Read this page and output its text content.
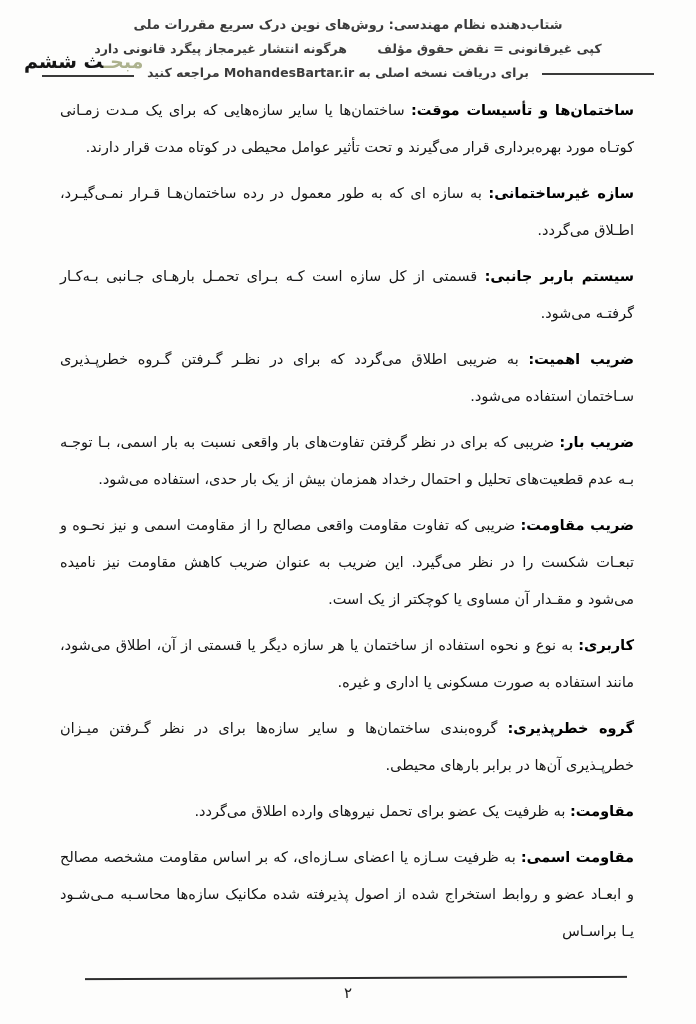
شتاب‌دهنده نظام مهندسی: روش‌های نوین درک سریع مقررات ملی
کپی غیرقانونی = نقض حقوق مؤلف هرگونه انتشار غیرمجاز پیگرد قانونی دارد
برای دریافت نسخه اصلی به MohandesBartar.ir مراجعه کنید
مبحـث ششم

ساختمان‌ها و تأسیسات موقت: ساختمان‌ها یا سایر سازه‌هایی که برای یک مـدت زمـانی کوتـاه مورد بهره‌برداری قرار می‌گیرند و تحت تأثیر عوامل محیطی در کوتاه مدت قرار دارند.

سازه غیرساختمانی: به سازه ای که به طور معمول در رده ساختمان‌هـا قـرار نمـی‌گیـرد، اطـلاق می‌گردد.

سیستم باربر جانبی: قسمتی از کل سازه است کـه بـرای تحمـل بارهـای جـانبی بـه‌کـار گرفتـه می‌شود.

ضریب اهمیت: به ضریبی اطلاق می‌گردد که برای در نظـر گـرفتن گـروه خطرپـذیری سـاختمان استفاده می‌شود.

ضریب بار: ضریبی که برای در نظر گرفتن تفاوت‌های بار واقعی نسبت به بار اسمی، بـا توجـه بـه عدم قطعیت‌های تحلیل و احتمال رخداد همزمان بیش از یک بار حدی، استفاده می‌شود.

ضریب مقاومت: ضریبی که تفاوت مقاومت واقعی مصالح را از مقاومت اسمی و نیز نحـوه و تبعـات شکست را در نظر می‌گیرد. این ضریب به عنوان ضریب کاهش مقاومت نیز نامیده می‌شود و مقـدار آن مساوی یا کوچکتر از یک است.

کاربری: به نوع و نحوه استفاده از ساختمان یا هر سازه دیگر یا قسمتی از آن، اطلاق می‌شود، مانند استفاده به صورت مسکونی یا اداری و غیره.

گروه خطرپذیری: گروه‌بندی ساختمان‌ها و سایر سازه‌ها برای در نظر گـرفتن میـزان خطرپـذیری آن‌ها در برابر بارهای محیطی.

مقاومت: به ظرفیت یک عضو برای تحمل نیروهای وارده اطلاق می‌گردد.

مقاومت اسمی: به ظرفیت سـازه یا اعضای سـازه‌ای، که بر اساس مقاومت مشخصه مصالح و ابعـاد عضو و روابط استخراج شده از اصول پذیرفته شده مکانیک سازه‌ها محاسـبه مـی‌شـود یـا براسـاس

۲
